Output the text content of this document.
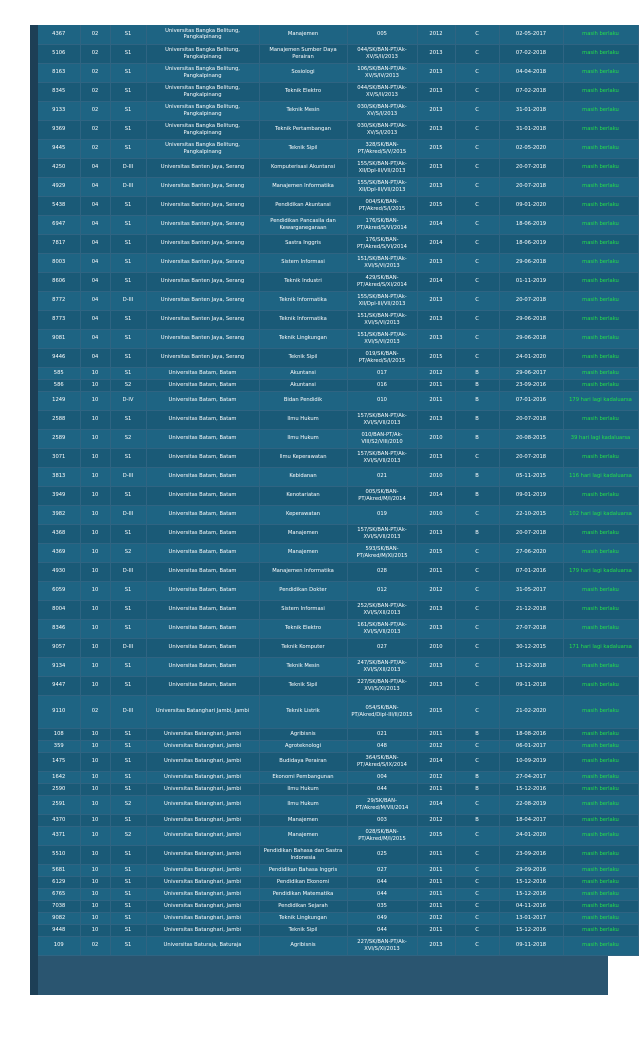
4367	02	S1	Universitas Bangka Belitung, Pangkalpinang	Manajemen	005	2012	C	02-05-2017	masih berlaku
5106	02	S1	Universitas Bangka Belitung, Pangkalpinang	Manajemen Sumber Daya Perairan	044/SK/BAN-PT/Ak-XV/S/II/2013	2013	C	07-02-2018	masih berlaku
8163	02	S1	Universitas Bangka Belitung, Pangkalpinang	Sosiologi	106/SK/BAN-PT/Ak-XV/S/IV/2013	2013	C	04-04-2018	masih berlaku
8345	02	S1	Universitas Bangka Belitung, Pangkalpinang	Teknik Elektro	044/SK/BAN-PT/Ak-XV/S/II/2013	2013	C	07-02-2018	masih berlaku
9133	02	S1	Universitas Bangka Belitung, Pangkalpinang	Teknik Mesin	030/SK/BAN-PT/Ak-XV/S/I/2013	2013	C	31-01-2018	masih berlaku
9369	02	S1	Universitas Bangka Belitung, Pangkalpinang	Teknik Pertambangan	030/SK/BAN-PT/Ak-XV/S/I/2013	2013	C	31-01-2018	masih berlaku
9445	02	S1	Universitas Bangka Belitung, Pangkalpinang	Teknik Sipil	328/SK/BAN-PT/Akred/S/V/2015	2015	C	02-05-2020	masih berlaku
4250	04	D-III	Universitas Banten Jaya, Serang	Komputerisasi Akuntansi	155/SK/BAN-PT/Ak-XII/Dpl-III/VII/2013	2013	C	20-07-2018	masih berlaku
4929	04	D-III	Universitas Banten Jaya, Serang	Manajemen Informatika	155/SK/BAN-PT/Ak-XII/Dpl-III/VII/2013	2013	C	20-07-2018	masih berlaku
5438	04	S1	Universitas Banten Jaya, Serang	Pendidikan Akuntansi	004/SK/BAN-PT/Akred/S/I/2015	2015	C	09-01-2020	masih berlaku
6947	04	S1	Universitas Banten Jaya, Serang	Pendidikan Pancasila dan Kewarganegaraan	176/SK/BAN-PT/Akred/S/VI/2014	2014	C	18-06-2019	masih berlaku
7817	04	S1	Universitas Banten Jaya, Serang	Sastra Inggris	176/SK/BAN-PT/Akred/S/VI/2014	2014	C	18-06-2019	masih berlaku
8003	04	S1	Universitas Banten Jaya, Serang	Sistem Informasi	151/SK/BAN-PT/Ak-XVI/S/VI/2013	2013	C	29-06-2018	masih berlaku
8606	04	S1	Universitas Banten Jaya, Serang	Teknik Industri	429/SK/BAN-PT/Akred/S/XI/2014	2014	C	01-11-2019	masih berlaku
8772	04	D-III	Universitas Banten Jaya, Serang	Teknik Informatika	155/SK/BAN-PT/Ak-XII/Dpl-III/VII/2013	2013	C	20-07-2018	masih berlaku
8773	04	S1	Universitas Banten Jaya, Serang	Teknik Informatika	151/SK/BAN-PT/Ak-XVI/S/VI/2013	2013	C	29-06-2018	masih berlaku
9081	04	S1	Universitas Banten Jaya, Serang	Teknik Lingkungan	151/SK/BAN-PT/Ak-XVI/S/VI/2013	2013	C	29-06-2018	masih berlaku
9446	04	S1	Universitas Banten Jaya, Serang	Teknik Sipil	019/SK/BAN-PT/Akred/S/I/2015	2015	C	24-01-2020	masih berlaku
585	10	S1	Universitas Batam, Batam	Akuntansi	017	2012	B	29-06-2017	masih berlaku
586	10	S2	Universitas Batam, Batam	Akuntansi	016	2011	B	23-09-2016	masih berlaku
1249	10	D-IV	Universitas Batam, Batam	Bidan Pendidik	010	2011	B	07-01-2016	179 hari lagi kadaluarsa
2588	10	S1	Universitas Batam, Batam	Ilmu Hukum	157/SK/BAN-PT/Ak-XVI/S/VII/2013	2013	B	20-07-2018	masih berlaku
2589	10	S2	Universitas Batam, Batam	Ilmu Hukum	010/BAN-PT/Ak-VIII/S2/VIII/2010	2010	B	20-08-2015	39 hari lagi kadaluarsa
3071	10	S1	Universitas Batam, Batam	Ilmu Keperawatan	157/SK/BAN-PT/Ak-XVI/S/VII/2013	2013	C	20-07-2018	masih berlaku
3813	10	D-III	Universitas Batam, Batam	Kebidanan	021	2010	B	05-11-2015	116 hari lagi kadaluarsa
3949	10	S1	Universitas Batam, Batam	Kenotariatan	005/SK/BAN-PT/Akred/M/I/2014	2014	B	09-01-2019	masih berlaku
3982	10	D-III	Universitas Batam, Batam	Keperawatan	019	2010	C	22-10-2015	102 hari lagi kadaluarsa
4368	10	S1	Universitas Batam, Batam	Manajemen	157/SK/BAN-PT/Ak-XVI/S/VII/2013	2013	B	20-07-2018	masih berlaku
4369	10	S2	Universitas Batam, Batam	Manajemen	593/SK/BAN-PT/Akred/M/XI/2015	2015	C	27-06-2020	masih berlaku
4930	10	D-III	Universitas Batam, Batam	Manajemen Informatika	028	2011	C	07-01-2016	179 hari lagi kadaluarsa
6059	10	S1	Universitas Batam, Batam	Pendidikan Dokter	012	2012	C	31-05-2017	masih berlaku
8004	10	S1	Universitas Batam, Batam	Sistem Informasi	252/SK/BAN-PT/Ak-XVI/S/XII/2013	2013	C	21-12-2018	masih berlaku
8346	10	S1	Universitas Batam, Batam	Teknik Elektro	161/SK/BAN-PT/Ak-XVI/S/VII/2013	2013	C	27-07-2018	masih berlaku
9057	10	D-III	Universitas Batam, Batam	Teknik Komputer	027	2010	C	30-12-2015	171 hari lagi kadaluarsa
9134	10	S1	Universitas Batam, Batam	Teknik Mesin	247/SK/BAN-PT/Ak-XVI/S/XII/2013	2013	C	13-12-2018	masih berlaku
9447	10	S1	Universitas Batam, Batam	Teknik Sipil	227/SK/BAN-PT/Ak-XVI/S/XI/2013	2013	C	09-11-2018	masih berlaku
9110	02	D-III	Universitas Batanghari Jambi, Jambi	Teknik Listrik	054/SK/BAN-PT/Akred/Dipl-III/II/2015	2015	C	21-02-2020	masih berlaku
108	10	S1	Universitas Batanghari, Jambi	Agribisnis	021	2011	B	18-08-2016	masih berlaku
359	10	S1	Universitas Batanghari, Jambi	Agroteknologi	048	2012	C	06-01-2017	masih berlaku
1475	10	S1	Universitas Batanghari, Jambi	Budidaya Perairan	364/SK/BAN-PT/Akred/S/IX/2014	2014	C	10-09-2019	masih berlaku
1642	10	S1	Universitas Batanghari, Jambi	Ekonomi Pembangunan	004	2012	B	27-04-2017	masih berlaku
2590	10	S1	Universitas Batanghari, Jambi	Ilmu Hukum	044	2011	B	15-12-2016	masih berlaku
2591	10	S2	Universitas Batanghari, Jambi	Ilmu Hukum	29/SK/BAN-PT/Akred/M/VII/2014	2014	C	22-08-2019	masih berlaku
4370	10	S1	Universitas Batanghari, Jambi	Manajemen	003	2012	B	18-04-2017	masih berlaku
4371	10	S2	Universitas Batanghari, Jambi	Manajemen	028/SK/BAN-PT/Akred/M/I/2015	2015	C	24-01-2020	masih berlaku
5510	10	S1	Universitas Batanghari, Jambi	Pendidikan Bahasa dan Sastra Indonesia	025	2011	C	23-09-2016	masih berlaku
5681	10	S1	Universitas Batanghari, Jambi	Pendidikan Bahasa Inggris	027	2011	C	29-09-2016	masih berlaku
6129	10	S1	Universitas Batanghari, Jambi	Pendidikan Ekonomi	044	2011	C	15-12-2016	masih berlaku
6765	10	S1	Universitas Batanghari, Jambi	Pendidikan Matematika	044	2011	C	15-12-2016	masih berlaku
7038	10	S1	Universitas Batanghari, Jambi	Pendidikan Sejarah	035	2011	C	04-11-2016	masih berlaku
9082	10	S1	Universitas Batanghari, Jambi	Teknik Lingkungan	049	2012	C	13-01-2017	masih berlaku
9448	10	S1	Universitas Batanghari, Jambi	Teknik Sipil	044	2011	C	15-12-2016	masih berlaku
109	02	S1	Universitas Baturaja, Baturaja	Agribisnis	227/SK/BAN-PT/Ak-XVI/S/XI/2013	2013	C	09-11-2018	masih berlaku
